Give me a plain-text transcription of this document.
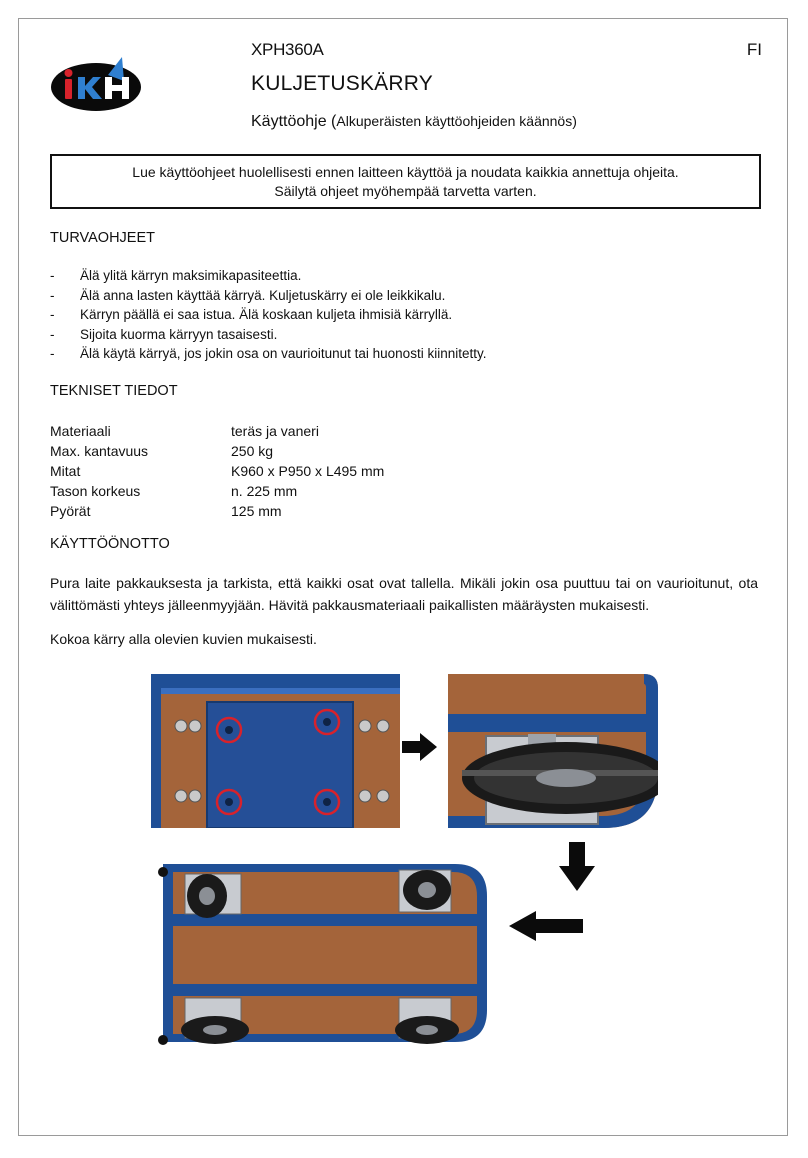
XPH360A	FI
KULJETUSKÄRRY
Käyttöohje (Alkuperäisten käyttöohjeiden käännös)
Lue käyttöohjeet huolellisesti ennen laitteen käyttöä ja noudata kaikkia annettuja ohjeita.
Säilytä ohjeet myöhempää tarvetta varten.
TURVAOHJEET
- Älä ylitä kärryn maksimikapasiteettia.
- Älä anna lasten käyttää kärryä. Kuljetuskärry ei ole leikkikalu.
- Kärryn päällä ei saa istua. Älä koskaan kuljeta ihmisiä kärryllä.
- Sijoita kuorma kärryyn tasaisesti.
- Älä käytä kärryä, jos jokin osa on vaurioitunut tai huonosti kiinnitetty.
TEKNISET TIEDOT
Materiaali	teräs ja vaneri
Max. kantavuus	250 kg
Mitat	K960 x P950 x L495 mm
Tason korkeus	n. 225 mm
Pyörät	125 mm
KÄYTTÖÖNOTTO
Pura laite pakkauksesta ja tarkista, että kaikki osat ovat tallella. Mikäli jokin osa puuttuu tai on vaurioitunut, ota välittömästi yhteys jälleenmyyjään. Hävitä pakkausmateriaali paikallisten määräysten mukaisesti.
Kokoa kärry alla olevien kuvien mukaisesti.
